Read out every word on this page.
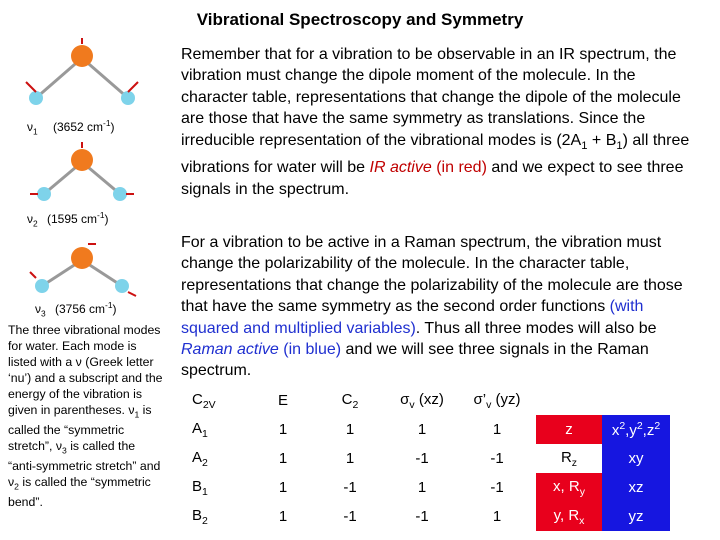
Vibrational Spectroscopy and Symmetry
$\nu_1$ (3652 $cm^{-1}$)
$\nu_2$ (1595 $cm^{-1}$)
$\nu_3$ (3756 $cm^{-1}$)
The three vibrational modes for water. Each mode is listed with a ν (Greek letter ‘nu’) and a subscript and the energy of the vibration is given in parentheses. $\nu_1$ is called the “symmetric stretch”, $\nu_3$ is called the “anti-symmetric stretch” and $\nu_2$ is called the “symmetric bend”.

Remember that for a vibration to be observable in an IR spectrum, the vibration must change the dipole moment of the molecule. In the character table, representations that change the dipole of the molecule are those that have the same symmetry as translations. Since the irreducible representation of the vibrational modes is $(2A_1 + B_1)$ all three vibrations for water will be IR active (in red) and we expect to see three signals in the spectrum.

For a vibration to be active in a Raman spectrum, the vibration must change the polarizability of the molecule. In the character table, representations that change the polarizability of the molecule are those that have the same symmetry as the second order functions (with squared and multiplied variables). Thus all three modes will also be Raman active (in blue) and we will see three signals in the Raman spectrum.

$C_{2V}$	E	$C_2$	$\sigma_v$ (xz)	$\sigma’_v$ (yz)		
$A_1$	1	1	1	1	z	$x^2,y^2,z^2$
$A_2$	1	1	-1	-1	$R_z$	xy
$B_1$	1	-1	1	-1	x, $R_y$	xz
$B_2$	1	-1	-1	1	y, $R_x$	yz
